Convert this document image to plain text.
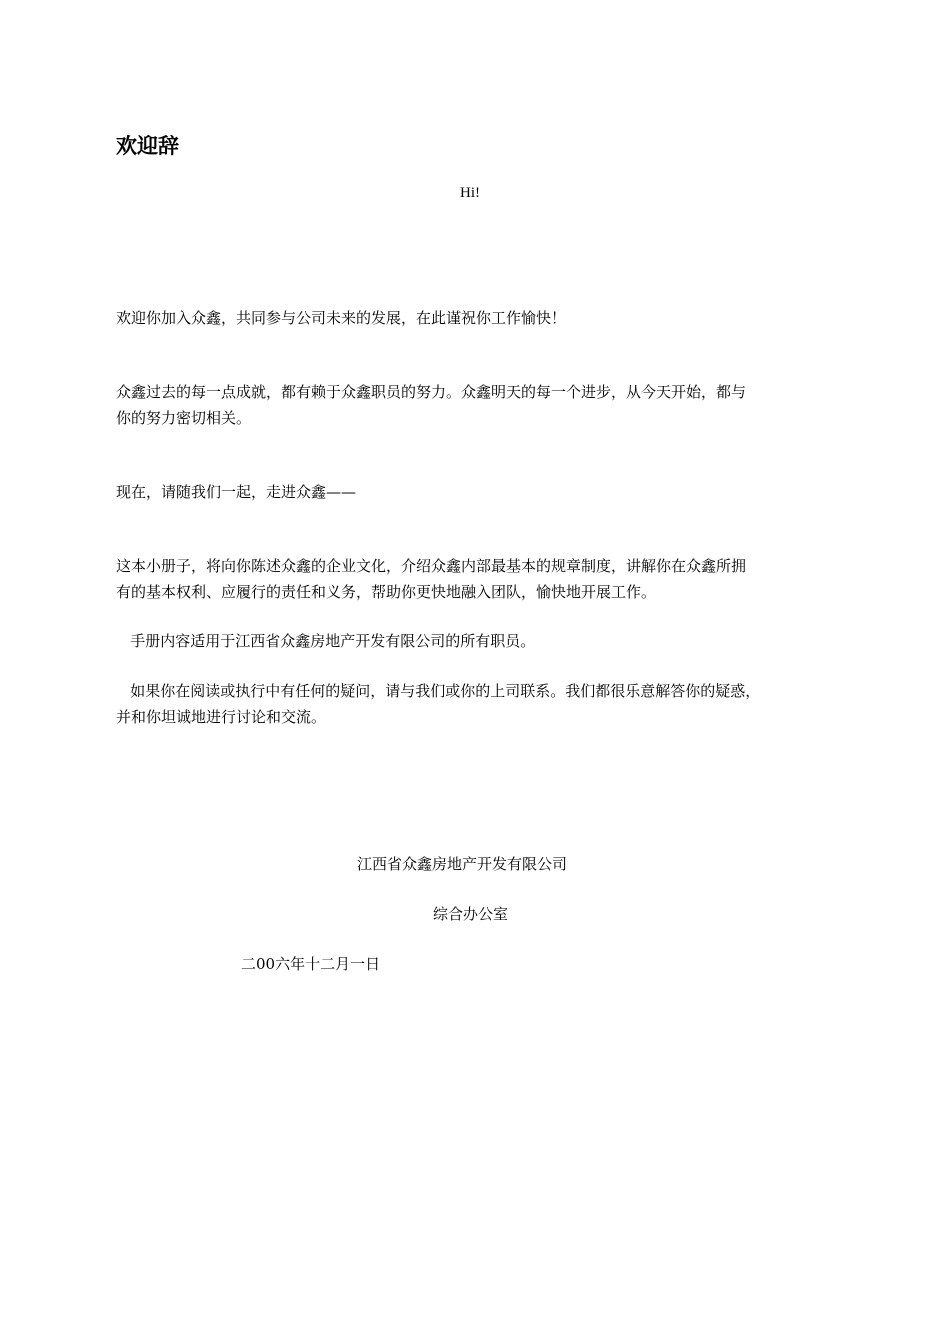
欢迎辞
Hi!

欢迎你加入众鑫，共同参与公司未来的发展，在此谨祝你工作愉快！

众鑫过去的每一点成就，都有赖于众鑫职员的努力。众鑫明天的每一个进步，从今天开始，都与
你的努力密切相关。

现在，请随我们一起，走进众鑫——

这本小册子，将向你陈述众鑫的企业文化，介绍众鑫内部最基本的规章制度，讲解你在众鑫所拥
有的基本权利、应履行的责任和义务，帮助你更快地融入团队，愉快地开展工作。

手册内容适用于江西省众鑫房地产开发有限公司的所有职员。

如果你在阅读或执行中有任何的疑问，请与我们或你的上司联系。我们都很乐意解答你的疑惑，
并和你坦诚地进行讨论和交流。

江西省众鑫房地产开发有限公司

综合办公室

二00六年十二月一日
